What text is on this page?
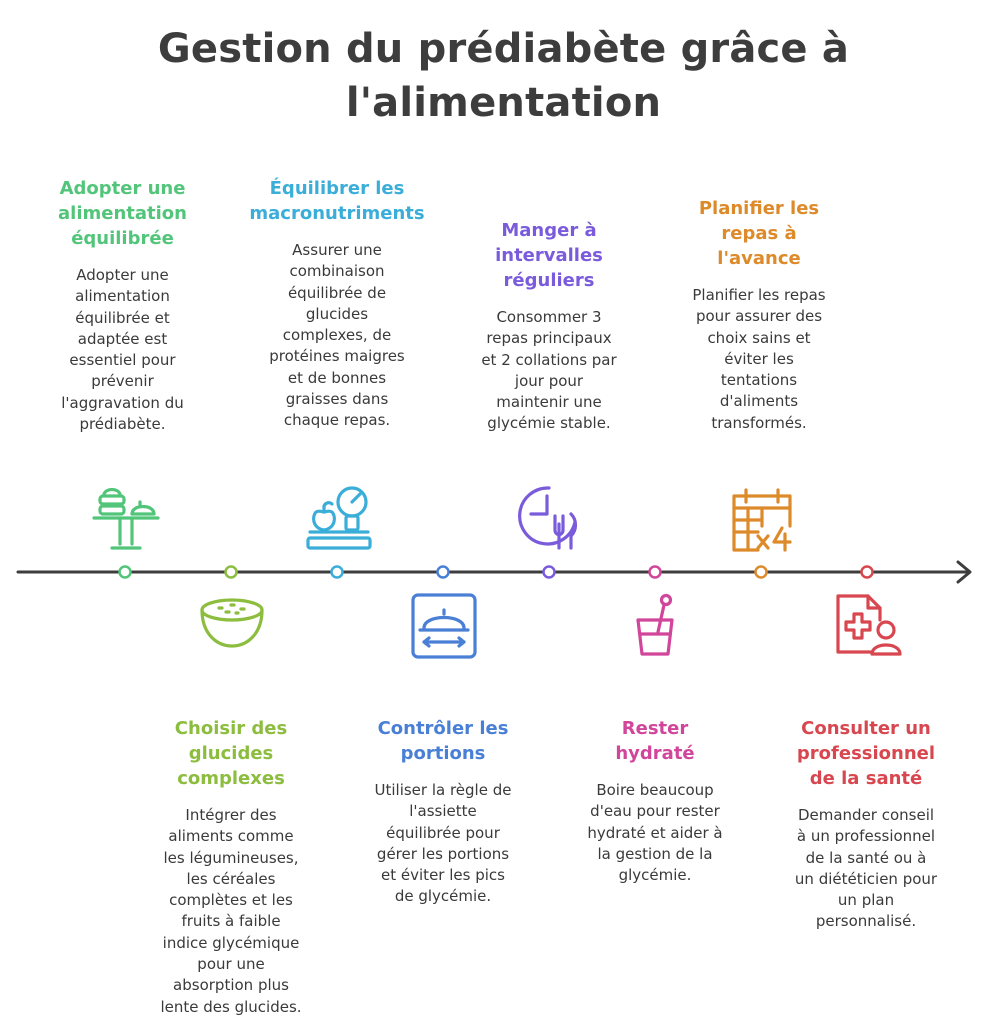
Gestion du prédiabète grâce à
l'alimentation
Adopter une
alimentation
équilibrée

Adopter une
alimentation
équilibrée et
adaptée est
essentiel pour
prévenir
l'aggravation du
prédiabète.

Choisir des
glucides
complexes

Intégrer des
aliments comme
les légumineuses,
les céréales
complètes et les
fruits à faible
indice glycémique
pour une
absorption plus
lente des glucides.

Équilibrer les
macronutriments

Assurer une
combinaison
équilibrée de
glucides
complexes, de
protéines maigres
et de bonnes
graisses dans
chaque repas.

Contrôler les
portions

Utiliser la règle de
l'assiette
équilibrée pour
gérer les portions
et éviter les pics
de glycémie.

Manger à
intervalles
réguliers

Consommer 3
repas principaux
et 2 collations par
jour pour
maintenir une
glycémie stable.

Rester
hydraté

Boire beaucoup
d'eau pour rester
hydraté et aider à
la gestion de la
glycémie.

Planifier les
repas à
l'avance

Planifier les repas
pour assurer des
choix sains et
éviter les
tentations
d'aliments
transformés.

Consulter un
professionnel
de la santé

Demander conseil
à un professionnel
de la santé ou à
un diététicien pour
un plan
personnalisé.
